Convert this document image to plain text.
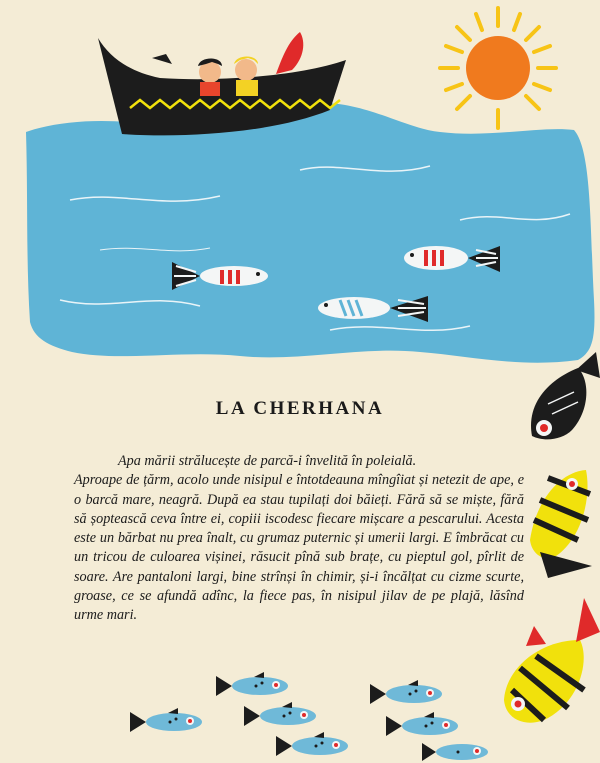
LA CHERHANA
Apa mării strălucește de parcă-i învelită în poleială.
Aproape de țărm, acolo unde nisipul e întotdeauna mîngîiat și netezit de ape, e o barcă mare, neagră. După ea stau tupilați doi băieți. Fără să se miște, fără să șoptească ceva între ei, copiii iscodesc fiecare mișcare a pescarului. Acesta este un bărbat nu prea înalt, cu grumaz puternic și umerii largi. E îmbrăcat cu un tricou de culoarea vișinei, răsucit pînă sub brațe, cu pieptul gol, pîrlit de soare. Are pantaloni largi, bine strînși în chimir, și-i încălțat cu cizme scurte, groase, ce se afundă adînc, la fiece pas, în nisipul jilav de pe plajă, lăsînd urme mari.
